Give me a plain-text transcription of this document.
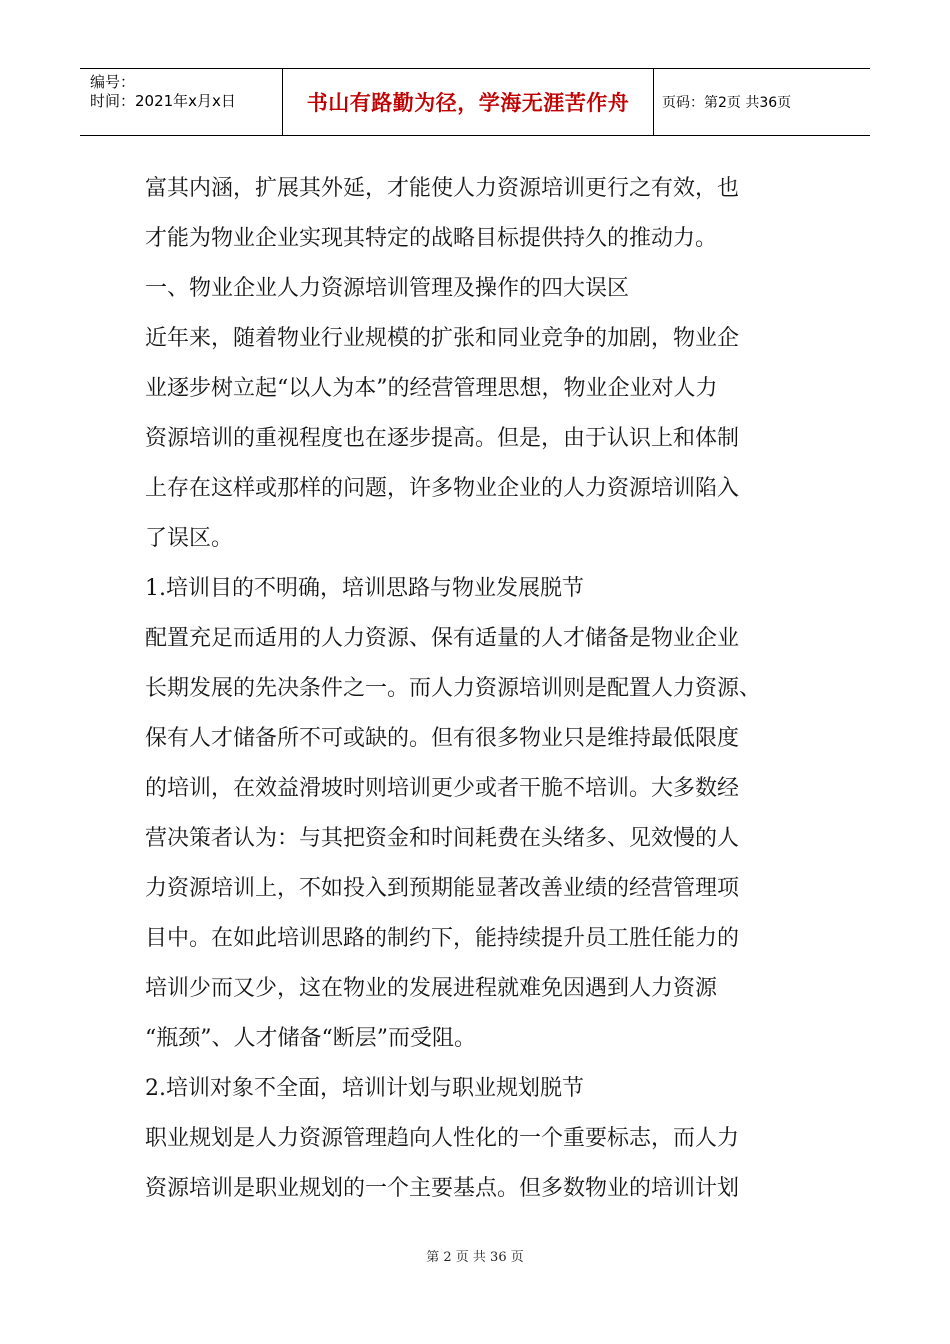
编号：
时间：2021年x月x日	书山有路勤为径，学海无涯苦作舟	页码：第2页 共36页

富其内涵，扩展其外延，才能使人力资源培训更行之有效，也

才能为物业企业实现其特定的战略目标提供持久的推动力。

一、物业企业人力资源培训管理及操作的四大误区

近年来，随着物业行业规模的扩张和同业竞争的加剧，物业企

业逐步树立起“以人为本”的经营管理思想，物业企业对人力

资源培训的重视程度也在逐步提高。但是，由于认识上和体制

上存在这样或那样的问题，许多物业企业的人力资源培训陷入

了误区。

1.培训目的不明确，培训思路与物业发展脱节

配置充足而适用的人力资源、保有适量的人才储备是物业企业

长期发展的先决条件之一。而人力资源培训则是配置人力资源、

保有人才储备所不可或缺的。但有很多物业只是维持最低限度

的培训，在效益滑坡时则培训更少或者干脆不培训。大多数经

营决策者认为：与其把资金和时间耗费在头绪多、见效慢的人

力资源培训上，不如投入到预期能显著改善业绩的经营管理项

目中。在如此培训思路的制约下，能持续提升员工胜任能力的

培训少而又少，这在物业的发展进程就难免因遇到人力资源

“瓶颈”、人才储备“断层”而受阻。

2.培训对象不全面，培训计划与职业规划脱节

职业规划是人力资源管理趋向人性化的一个重要标志，而人力

资源培训是职业规划的一个主要基点。但多数物业的培训计划

第 2 页 共 36 页
